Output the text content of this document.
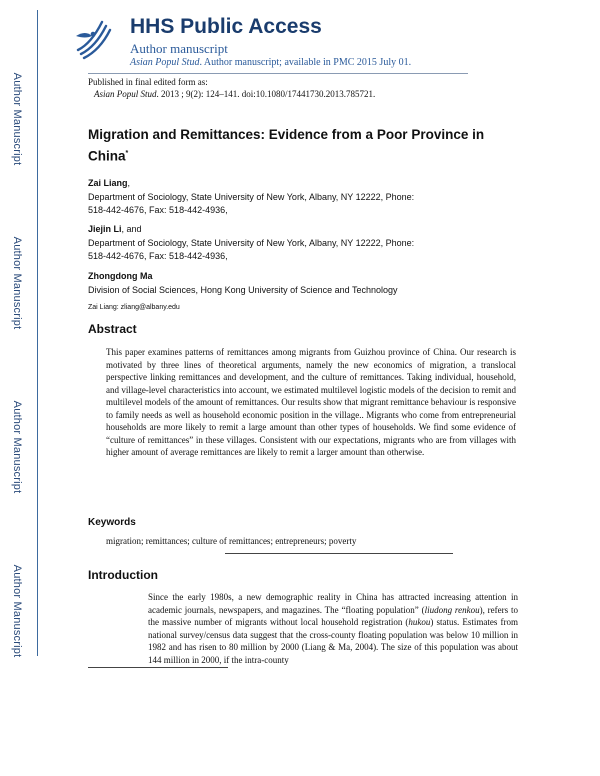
Author Manuscript
Author Manuscript
Author Manuscript
Author Manuscript
HHS Public Access
Author manuscript
Asian Popul Stud. Author manuscript; available in PMC 2015 July 01.
Published in final edited form as:
Asian Popul Stud. 2013 ; 9(2): 124–141. doi:10.1080/17441730.2013.785721.
Migration and Remittances: Evidence from a Poor Province in China*
Zai Liang,
Department of Sociology, State University of New York, Albany, NY 12222, Phone:
518-442-4676, Fax: 518-442-4936,
Jiejin Li, and
Department of Sociology, State University of New York, Albany, NY 12222, Phone:
518-442-4676, Fax: 518-442-4936,
Zhongdong Ma
Division of Social Sciences, Hong Kong University of Science and Technology
Zai Liang: zliang@albany.edu
Abstract
This paper examines patterns of remittances among migrants from Guizhou province of China. Our research is motivated by three lines of theoretical arguments, namely the new economics of migration, a translocal perspective linking remittances and development, and the culture of remittances. Taking individual, household, and village-level characteristics into account, we estimated multilevel logistic models of the decision to remit and multilevel models of the amount of remittances. Our results show that migrant remittance behaviour is responsive to family needs as well as household economic position in the village.. Migrants who come from entrepreneurial households are more likely to remit a large amount than other types of households. We find some evidence of “culture of remittances” in these villages. Consistent with our expectations, migrants who are from villages with higher amount of average remittances are likely to remit a larger amount than otherwise.
Keywords
migration; remittances; culture of remittances; entrepreneurs; poverty
Introduction
Since the early 1980s, a new demographic reality in China has attracted increasing attention in academic journals, newspapers, and magazines. The “floating population” (liudong renkou), refers to the massive number of migrants without local household registration (hukou) status. Estimates from national survey/census data suggest that the cross-county floating population was below 10 million in 1982 and has risen to 80 million by 2000 (Liang & Ma, 2004). The size of this population was about 144 million in 2000, if the intra-county
